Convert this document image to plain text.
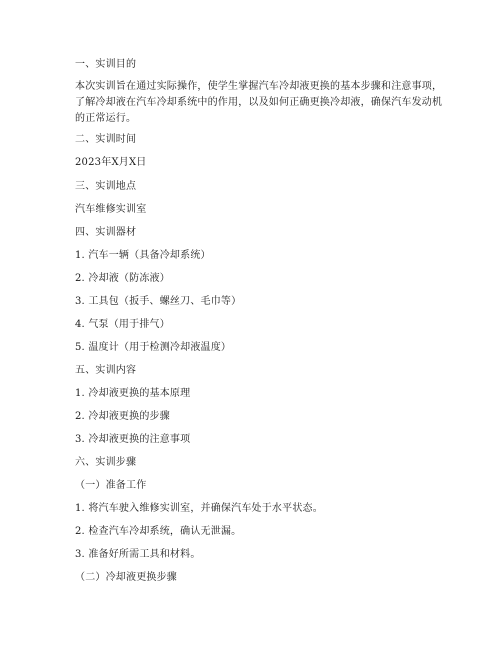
一、实训目的
本次实训旨在通过实际操作，使学生掌握汽车冷却液更换的基本步骤和注意事项，
了解冷却液在汽车冷却系统中的作用，以及如何正确更换冷却液，确保汽车发动机
的正常运行。
二、实训时间
2023年X月X日
三、实训地点
汽车维修实训室
四、实训器材
1. 汽车一辆（具备冷却系统）
2. 冷却液（防冻液）
3. 工具包（扳手、螺丝刀、毛巾等）
4. 气泵（用于排气）
5. 温度计（用于检测冷却液温度）
五、实训内容
1. 冷却液更换的基本原理
2. 冷却液更换的步骤
3. 冷却液更换的注意事项
六、实训步骤
（一）准备工作
1. 将汽车驶入维修实训室，并确保汽车处于水平状态。
2. 检查汽车冷却系统，确认无泄漏。
3. 准备好所需工具和材料。
（二）冷却液更换步骤
